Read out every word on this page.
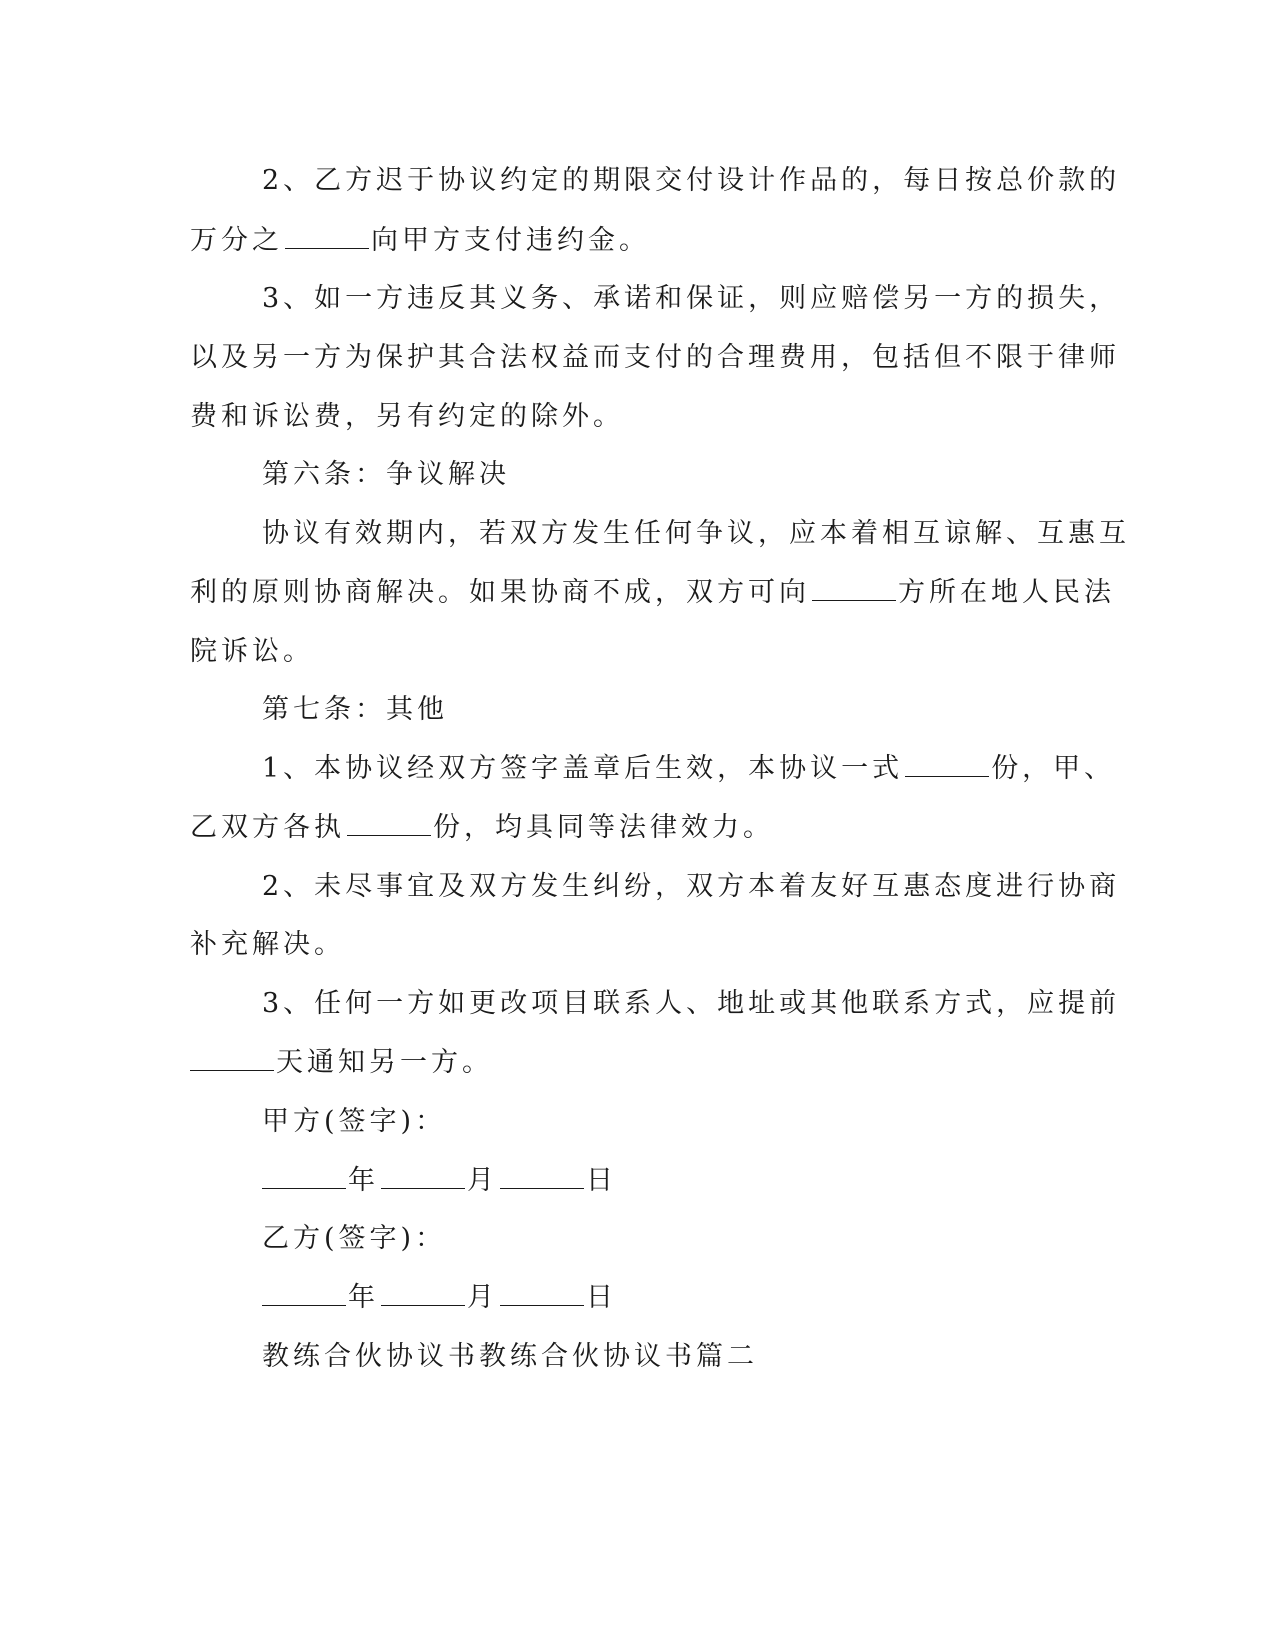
2、乙方迟于协议约定的期限交付设计作品的，每日按总价款的
万分之	向甲方支付违约金。
3、如一方违反其义务、承诺和保证，则应赔偿另一方的损失，
以及另一方为保护其合法权益而支付的合理费用，包括但不限于律师
费和诉讼费，另有约定的除外。
第六条：争议解决
协议有效期内，若双方发生任何争议，应本着相互谅解、互惠互
利的原则协商解决。如果协商不成，双方可向	方所在地人民法
院诉讼。
第七条：其他
1、本协议经双方签字盖章后生效，本协议一式	份，甲、
乙双方各执	份，均具同等法律效力。
2、未尽事宜及双方发生纠纷，双方本着友好互惠态度进行协商
补充解决。
3、任何一方如更改项目联系人、地址或其他联系方式，应提前
天通知另一方。
甲方(签字)：
年	月	日
乙方(签字)：
年	月	日
教练合伙协议书教练合伙协议书篇二
